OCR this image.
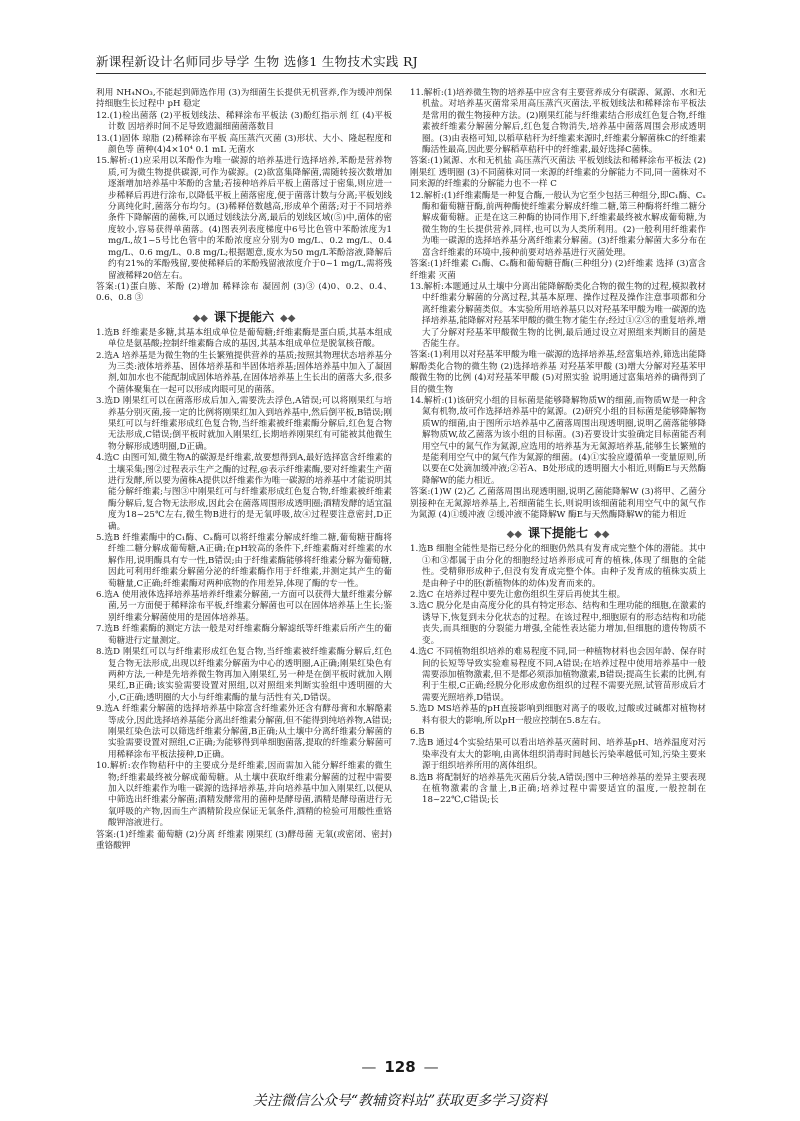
新课程新设计名师同步导学 生物 选修1 生物技术实践 RJ

利用 NH₄NO₃,不能起到筛选作用 (3)为细菌生长提供无机营养,作为缓冲剂保持细胞生长过程中 pH 稳定

12.(1)检出菌落 (2)平板划线法、稀释涂布平板法 (3)酚红指示剂 红 (4)平板计数 因培养时间不足导致遗漏细菌菌落数目

13.(1)固体 琼脂 (2)稀释涂布平板 高压蒸汽灭菌 (3)形状、大小、隆起程度和颜色等 菌种(4)4×10⁴ 0.1 mL 无菌水

15.解析:(1)应采用以苯酚作为唯一碳源的培养基进行选择培养,苯酚是营养物质,可为微生物提供碳源,可作为碳源。(2)欲富集降解菌,需随转接次数增加逐渐增加培养基中苯酚的含量;若接种培养后平板上菌落过于密集,则应进一步稀释后再进行涂布,以降低平板上菌落密度,便于菌落计数与分离;平板划线分离纯化时,菌落分布均匀。(3)稀释倍数越高,形成单个菌落;对于不同培养条件下降解菌的菌株,可以通过划线法分离,最后的划线区域(⑤)中,菌体的密度较小,容易获得单菌落。(4)图表列表度梯度中6号比色管中苯酚浓度为1 mg/L,故1~5号比色管中的苯酚浓度应分别为0 mg/L、0.2 mg/L、0.4 mg/L、0.6 mg/L、0.8 mg/L;根据题意,废水为50 mg/L苯酚溶液,降解后约有21%的苯酚残留,要使稀释后的苯酚残留液浓度介于0~1 mg/L,需将残留液稀释20倍左右。

答案:(1)蛋白胨、苯酚 (2)增加 稀释涂布 凝固剂 (3)③ (4)0、0.2、0.4、0.6、0.8 ③

◆◆ 课下提能六 ◆◆

1.选B 纤维素是多糖,其基本组成单位是葡萄糖;纤维素酶是蛋白质,其基本组成单位是氨基酸;控制纤维素酶合成的基因,其基本组成单位是脱氧核苷酸。

2.选A 培养基是为微生物的生长繁殖提供营养的基质;按照其物理状态培养基分为三类:液体培养基、固体培养基和半固体培养基;固体培养基中加入了凝固剂,如加水也不能配制成固体培养基,在固体培养基上生长出的菌落大多,很多个菌体聚集在一起可以形成肉眼可见的菌落。

3.选D 刚果红可以在菌落形成后加入,需要洗去浮色,A错误;可以将刚果红与培养基分别灭菌,接一定的比例将刚果红加入到培养基中,然后倒平板,B错误;刚果红可以与纤维素形成红色复合物,当纤维素被纤维素酶分解后,红色复合物无法形成,C错误;倒平板时就加入刚果红,长期培养刚果红有可能被其他微生物分解形成透明圈,D正确。

4.选C 由图可知,微生物A的碳源是纤维素,故要想得到A,最好选择富含纤维素的土壤采集;图②过程表示生产之酶的过程,@表示纤维素酶,要对纤维素生产菌进行发酵,所以要为菌株A提供以纤维素作为唯一碳源的培养基中才能说明其能分解纤维素;与图③中刚果红可与纤维素形成红色复合物,纤维素被纤维素酶分解后,复合物无法形成,因此会在菌落周围形成透明圈;酒精发酵的适宜温度为18~25℃左右,微生物B进行的是无氧呼吸,故④过程要注意密封,D正确。

5.选B 纤维素酶中的C₁酶、Cₓ酶可以将纤维素分解成纤维二糖,葡萄糖苷酶将纤维二糖分解成葡萄糖,A正确;在pH较高的条件下,纤维素酶对纤维素的水解作用,说明酶具有专一性,B错误;由于纤维素酶能够将纤维素分解为葡萄糖,因此可利用纤维素分解菌分泌的纤维素酶作用于纤维素,并测定其产生的葡萄糖量,C正确;纤维素酶对两种底物的作用差异,体现了酶的专一性。

6.选A 使用液体选择培养基培养纤维素分解菌,一方面可以获得大量纤维素分解菌,另一方面便于稀释涂布平板,纤维素分解菌也可以在固体培养基上生长;鉴别纤维素分解菌使用的是固体培养基。

7.选B 纤维素酶的测定方法一般是对纤维素酶分解滤纸等纤维素后所产生的葡萄糖进行定量测定。

8.选D 刚果红可以与纤维素形成红色复合物,当纤维素被纤维素酶分解后,红色复合物无法形成,出现以纤维素分解菌为中心的透明圈,A正确;刚果红染色有两种方法,一种是先培养微生物再加入刚果红,另一种是在倒平板时就加入刚果红,B正确;该实验需要设置对照组,以对照组来判断实验组中透明圈的大小,C正确;透明圈的大小与纤维素酶的量与活性有关,D错误。

9.选A 纤维素分解菌的选择培养基中除富含纤维素外还含有酵母膏和水解酪素等成分,因此选择培养基能分离出纤维素分解菌,但不能得到纯培养物,A错误;刚果红染色法可以筛选纤维素分解菌,B正确;从土壤中分离纤维素分解菌的实验需要设置对照组,C正确;为能够得到单细胞菌落,提取的纤维素分解菌可用稀释涂布平板法接种,D正确。

10.解析:农作物秸秆中的主要成分是纤维素,因而需加入能分解纤维素的微生物;纤维素最终被分解成葡萄糖。从土壤中获取纤维素分解菌的过程中需要加入以纤维素作为唯一碳源的选择培养基,并向培养基中加入刚果红,以便从中筛选出纤维素分解菌;酒精发酵常用的菌种是酵母菌,酒精是酵母菌进行无氧呼吸的产物,因而生产酒精阶段应保证无氧条件,酒精的检验可用酸性重铬酸钾溶液进行。

答案:(1)纤维素 葡萄糖 (2)分离 纤维素 刚果红 (3)酵母菌 无氧(或密闭、密封) 重铬酸钾

11.解析:(1)培养微生物的培养基中应含有主要营养成分有碳源、氮源、水和无机盐。对培养基灭菌常采用高压蒸汽灭菌法,平板划线法和稀释涂布平板法是常用的微生物接种方法。(2)刚果红能与纤维素结合形成红色复合物,纤维素被纤维素分解菌分解后,红色复合物消失,培养基中菌落周围会形成透明圈。(3)由表格可知,以稻草秸秆为纤维素来源时,纤维素分解菌株C的纤维素酶活性最高,因此要分解稻草秸秆中的纤维素,最好选择C菌株。

答案:(1)氮源、水和无机盐 高压蒸汽灭菌法 平板划线法和稀释涂布平板法 (2)刚果红 透明圈 (3)不同菌株对同一来源的纤维素的分解能力不同,同一菌株对不同来源的纤维素的分解能力也不一样 C

12.解析:(1)纤维素酶是一种复合酶,一般认为它至少包括三种组分,即C₁酶、Cₓ酶和葡萄糖苷酶,前两种酶使纤维素分解成纤维二糖,第三种酶将纤维二糖分解成葡萄糖。正是在这三种酶的协同作用下,纤维素最终被水解成葡萄糖,为微生物的生长提供营养,同样,也可以为人类所利用。(2)一般利用纤维素作为唯一碳源的选择培养基分离纤维素分解菌。(3)纤维素分解菌大多分布在富含纤维素的环境中,接种前要对培养基进行灭菌处理。

答案:(1)纤维素 C₁酶、Cₓ酶和葡萄糖苷酶(三种组分) (2)纤维素 选择 (3)富含纤维素 灭菌

13.解析:本题通过从土壤中分离出能降解酚类化合物的微生物的过程,模拟教材中纤维素分解菌的分离过程,其基本原理、操作过程及操作注意事项都和分离纤维素分解菌类似。本实验所用培养基只以对羟基苯甲酸为唯一碳源的选择培养基,能降解对羟基苯甲酸的微生物才能生存;经过①②③的重复培养,增大了分解对羟基苯甲酸微生物的比例,最后通过设立对照组来判断目的菌是否能生存。

答案:(1)利用以对羟基苯甲酸为唯一碳源的选择培养基,经富集培养,筛选出能降解酚类化合物的微生物 (2)选择培养基 对羟基苯甲酸 (3)增大分解对羟基苯甲酸微生物的比例 (4)对羟基苯甲酸 (5)对照实验 说明通过富集培养的确得到了目的微生物

14.解析:(1)该研究小组的目标菌是能够降解物质W的细菌,而物质W是一种含氮有机物,故可作选择培养基中的氮源。(2)研究小组的目标菌是能够降解物质W的细菌,由于图所示培养基中乙菌落周围出现透明圈,说明乙菌落能够降解物质W,故乙菌落为该小组的目标菌。(3)若要设计实验确定目标菌能否利用空气中的氮气作为氮源,应选用的培养基为无氮源培养基,能够生长繁殖的是能利用空气中的氮气作为氮源的细菌。(4)①实验应遵循单一变量原则,所以要在C处滴加缓冲液;②若A、B处形成的透明圈大小相近,则酶E与天然酶降解W的能力相近。

答案:(1)W (2)乙 乙菌落周围出现透明圈,说明乙菌能降解W (3)将甲、乙菌分别接种在无氮源培养基上,若细菌能生长,则说明该细菌能利用空气中的氮气作为氮源 (4)①缓冲液 ②缓冲液不能降解W 酶E与天然酶降解W的能力相近

◆◆ 课下提能七 ◆◆

1.选B 细胞全能性是指已经分化的细胞仍然具有发育成完整个体的潜能。其中①和③都属于由分化的细胞经过培养形成可育的植株,体现了细胞的全能性。受精卵形成种子,但没有发育成完整个体。由种子发育成的植株实质上是由种子中的胚(新植物体的幼体)发育而来的。

2.选C 在培养过程中要先让愈伤组织生芽后再使其生根。

3.选C 脱分化是由高度分化的具有特定形态、结构和生理功能的细胞,在激素的诱导下,恢复到未分化状态的过程。在该过程中,细胞原有的形态结构和功能丧失,而具细胞的分裂能力增强,全能性表达能力增加,但细胞的遗传物质不变。

4.选C 不同植物组织培养的难易程度不同,同一种植物材料也会因年龄、保存时间的长短等导致实验难易程度不同,A错误;在培养过程中使用培养基中一般需要添加植物激素,但不是都必须添加植物激素,B错误;提高生长素的比例,有利于生根,C正确;经脱分化形成愈伤组织的过程不需要光照,试管苗形成后才需要光照培养,D错误。

5.选D MS培养基的pH直接影响到细胞对离子的吸收,过酸或过碱都对植物材料有很大的影响,所以pH一般应控制在5.8左右。

6.B

7.选B 通过4个实验结果可以看出培养基灭菌时间、培养基pH、培养温度对污染率没有太大的影响,由离体组织消毒时间越长污染率越低可知,污染主要来源于组织培养所用的离体组织。

8.选B 将配制好的培养基先灭菌后分装,A错误;图中三种培养基的差异主要表现在植物激素的含量上,B正确;培养过程中需要适宜的温度,一般控制在18~22℃,C错误;长

— 128 —
关注微信公众号“教辅资料站”获取更多学习资料
